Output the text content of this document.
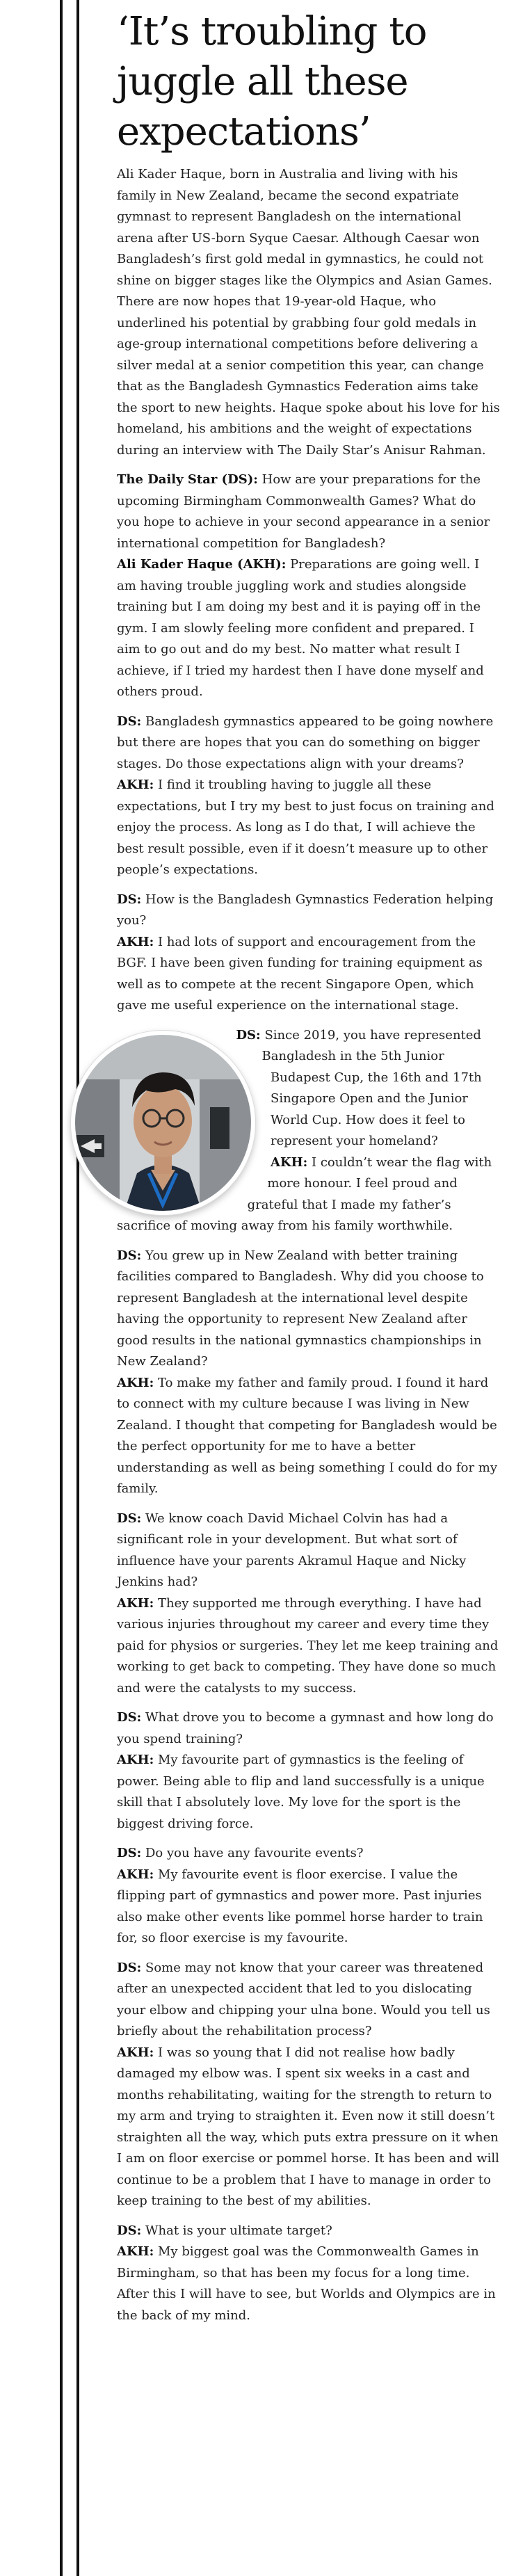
‘It’s troubling to juggle all these expectations’

Ali Kader Haque, born in Australia and living with his family in New Zealand, became the second expatriate gymnast to represent Bangladesh on the international arena after US-born Syque Caesar. Although Caesar won Bangladesh’s first gold medal in gymnastics, he could not shine on bigger stages like the Olympics and Asian Games. There are now hopes that 19-year-old Haque, who underlined his potential by grabbing four gold medals in age-group international competitions before delivering a silver medal at a senior competition this year, can change that as the Bangladesh Gymnastics Federation aims take the sport to new heights. Haque spoke about his love for his homeland, his ambitions and the weight of expectations during an interview with The Daily Star’s Anisur Rahman.

The Daily Star (DS): How are your preparations for the upcoming Birmingham Commonwealth Games? What do you hope to achieve in your second appearance in a senior international competition for Bangladesh?
Ali Kader Haque (AKH): Preparations are going well. I am having trouble juggling work and studies alongside training but I am doing my best and it is paying off in the gym. I am slowly feeling more confident and prepared. I aim to go out and do my best. No matter what result I achieve, if I tried my hardest then I have done myself and others proud.

DS: Bangladesh gymnastics appeared to be going nowhere but there are hopes that you can do something on bigger stages. Do those expectations align with your dreams?
AKH: I find it troubling having to juggle all these expectations, but I try my best to just focus on training and enjoy the process. As long as I do that, I will achieve the best result possible, even if it doesn’t measure up to other people’s expectations.

DS: How is the Bangladesh Gymnastics Federation helping you?
AKH: I had lots of support and encouragement from the BGF. I have been given funding for training equipment as well as to compete at the recent Singapore Open, which gave me useful experience on the international stage.

DS: Since 2019, you have represented Bangladesh in the 5th Junior Budapest Cup, the 16th and 17th Singapore Open and the Junior World Cup. How does it feel to represent your homeland?
AKH: I couldn’t wear the flag with more honour. I feel proud and grateful that I made my father’s sacrifice of moving away from his family worthwhile.

DS: You grew up in New Zealand with better training facilities compared to Bangladesh. Why did you choose to represent Bangladesh at the international level despite having the opportunity to represent New Zealand after good results in the national gymnastics championships in New Zealand?
AKH: To make my father and family proud. I found it hard to connect with my culture because I was living in New Zealand. I thought that competing for Bangladesh would be the perfect opportunity for me to have a better understanding as well as being something I could do for my family.

DS: We know coach David Michael Colvin has had a significant role in your development. But what sort of influence have your parents Akramul Haque and Nicky Jenkins had?
AKH: They supported me through everything. I have had various injuries throughout my career and every time they paid for physios or surgeries. They let me keep training and working to get back to competing. They have done so much and were the catalysts to my success.

DS: What drove you to become a gymnast and how long do you spend training?
AKH: My favourite part of gymnastics is the feeling of power. Being able to flip and land successfully is a unique skill that I absolutely love. My love for the sport is the biggest driving force.

DS: Do you have any favourite events?
AKH: My favourite event is floor exercise. I value the flipping part of gymnastics and power more. Past injuries also make other events like pommel horse harder to train for, so floor exercise is my favourite.

DS: Some may not know that your career was threatened after an unexpected accident that led to you dislocating your elbow and chipping your ulna bone. Would you tell us briefly about the rehabilitation process?
AKH: I was so young that I did not realise how badly damaged my elbow was. I spent six weeks in a cast and months rehabilitating, waiting for the strength to return to my arm and trying to straighten it. Even now it still doesn’t straighten all the way, which puts extra pressure on it when I am on floor exercise or pommel horse. It has been and will continue to be a problem that I have to manage in order to keep training to the best of my abilities.

DS: What is your ultimate target?
AKH: My biggest goal was the Commonwealth Games in Birmingham, so that has been my focus for a long time. After this I will have to see, but Worlds and Olympics are in the back of my mind.
